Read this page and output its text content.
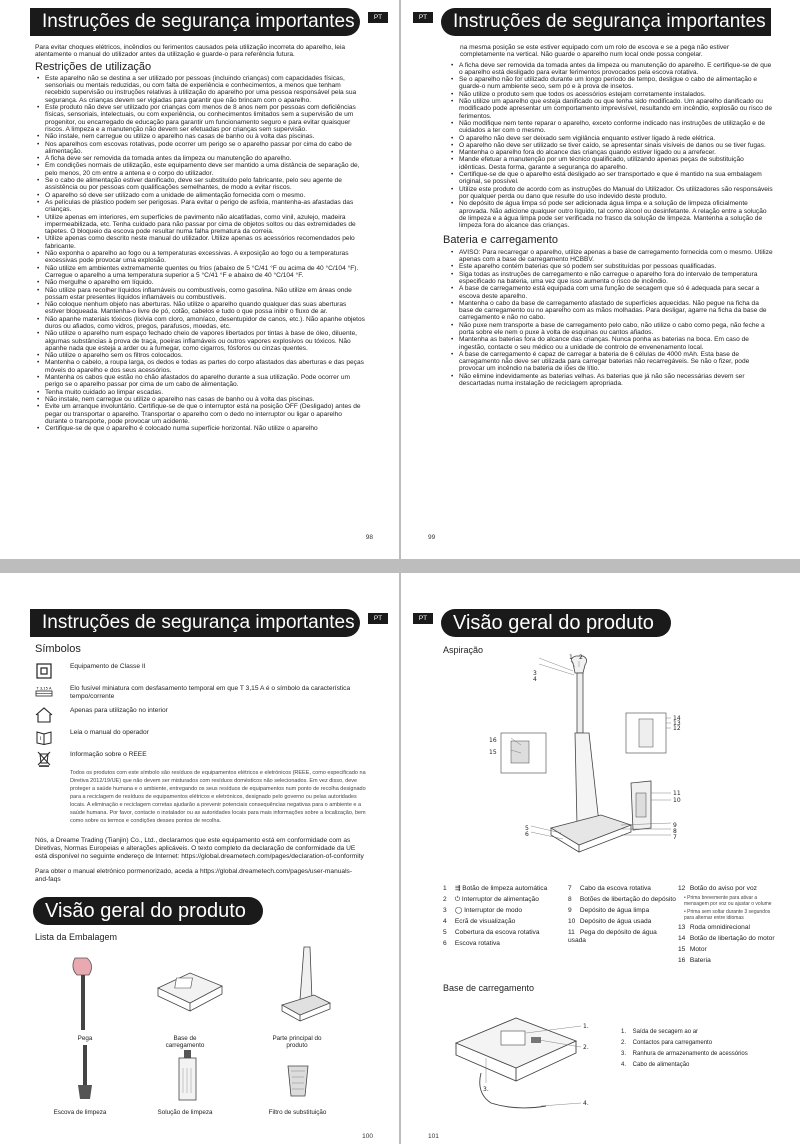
Instruções de segurança importantes	PT

Para evitar choques elétricos, incêndios ou ferimentos causados pela utilização incorreta do aparelho, leia atentamente o manual do utilizador antes da utilização e guarde-o para referência futura.

Restrições de utilização
• Este aparelho não se destina a ser utilizado por pessoas (incluindo crianças) com capacidades físicas, sensoriais ou mentais reduzidas, ou com falta de experiência e conhecimentos, a menos que tenham recebido supervisão ou instruções relativas à utilização do aparelho por uma pessoa responsável pela sua segurança. As crianças devem ser vigiadas para garantir que não brincam com o aparelho.
• Este produto não deve ser utilizado por crianças com menos de 8 anos nem por pessoas com deficiências físicas, sensoriais, intelectuais, ou com experiência, ou conhecimentos limitados sem a supervisão de um progenitor, ou encarregado de educação para garantir um funcionamento seguro e para evitar quaisquer riscos. A limpeza e a manutenção não devem ser efetuadas por crianças sem supervisão.
• Não instale, nem carregue ou utilize o aparelho nas casas de banho ou à volta das piscinas.
• Nos aparelhos com escovas rotativas, pode ocorrer um perigo se o aparelho passar por cima do cabo de alimentação.
• A ficha deve ser removida da tomada antes da limpeza ou manutenção do aparelho.
• Em condições normais de utilização, este equipamento deve ser mantido a uma distância de separação de, pelo menos, 20 cm entre a antena e o corpo do utilizador.
• Se o cabo de alimentação estiver danificado, deve ser substituído pelo fabricante, pelo seu agente de assistência ou por pessoas com qualificações semelhantes, de modo a evitar riscos.
• O aparelho só deve ser utilizado com a unidade de alimentação fornecida com o mesmo.
• As películas de plástico podem ser perigosas. Para evitar o perigo de asfixia, mantenha-as afastadas das crianças.
• Utilize apenas em interiores, em superfícies de pavimento não alcatifadas, como vinil, azulejo, madeira impermeabilizada, etc. Tenha cuidado para não passar por cima de objetos soltos ou das extremidades de tapetes. O bloqueio da escova pode resultar numa falha prematura da correia.
• Utilize apenas como descrito neste manual do utilizador. Utilize apenas os acessórios recomendados pelo fabricante.
• Não exponha o aparelho ao fogo ou a temperaturas excessivas. A exposição ao fogo ou a temperaturas excessivas pode provocar uma explosão.
• Não utilize em ambientes extremamente quentes ou frios (abaixo de 5 °C/41 °F ou acima de 40 °C/104 °F). Carregue o aparelho a uma temperatura superior a 5 °C/41 °F e abaixo de 40 °C/104 °F.
• Não mergulhe o aparelho em líquido.
• Não utilize para recolher líquidos inflamáveis ou combustíveis, como gasolina. Não utilize em áreas onde possam estar presentes líquidos inflamáveis ou combustíveis.
• Não coloque nenhum objeto nas aberturas. Não utilize o aparelho quando qualquer das suas aberturas estiver bloqueada. Mantenha-o livre de pó, cotão, cabelos e tudo o que possa inibir o fluxo de ar.
• Não apanhe materiais tóxicos (lixívia com cloro, amoníaco, desentupidor de canos, etc.). Não apanhe objetos duros ou afiados, como vidros, pregos, parafusos, moedas, etc.
• Não utilize o aparelho num espaço fechado cheio de vapores libertados por tintas à base de óleo, diluente, algumas substâncias à prova de traça, poeiras inflamáveis ou outros vapores explosivos ou tóxicos. Não apanhe nada que esteja a arder ou a fumegar, como cigarros, fósforos ou cinzas quentes.
• Não utilize o aparelho sem os filtros colocados.
• Mantenha o cabelo, a roupa larga, os dedos e todas as partes do corpo afastados das aberturas e das peças móveis do aparelho e dos seus acessórios.
• Mantenha os cabos que estão no chão afastados do aparelho durante a sua utilização. Pode ocorrer um perigo se o aparelho passar por cima de um cabo de alimentação.
• Tenha muito cuidado ao limpar escadas.
• Não instale, nem carregue ou utilize o aparelho nas casas de banho ou à volta das piscinas.
• Evite um arranque involuntário. Certifique-se de que o interruptor está na posição OFF (Desligado) antes de pegar ou transportar o aparelho. Transportar o aparelho com o dedo no interruptor ou ligar o aparelho durante o transporte, pode provocar um acidente.
• Certifique-se de que o aparelho é colocado numa superfície horizontal. Não utilize o aparelho
98
PT	Instruções de segurança importantes

na mesma posição se este estiver equipado com um rolo de escova e se a pega não estiver completamente na vertical. Não guarde o aparelho num local onde possa congelar.

• A ficha deve ser removida da tomada antes da limpeza ou manutenção do aparelho. E certifique-se de que o aparelho está desligado para evitar ferimentos provocados pela escova rotativa.
• Se o aparelho não for utilizado durante um longo período de tempo, desligue o cabo de alimentação e guarde-o num ambiente seco, sem pó e à prova de insetos.
• Não utilize o produto sem que todos os acessórios estejam corretamente instalados.
• Não utilize um aparelho que esteja danificado ou que tenha sido modificado. Um aparelho danificado ou modificado pode apresentar um comportamento imprevisível, resultando em incêndio, explosão ou risco de ferimentos.
• Não modifique nem tente reparar o aparelho, exceto conforme indicado nas instruções de utilização e de cuidados a ter com o mesmo.
• O aparelho não deve ser deixado sem vigilância enquanto estiver ligado à rede elétrica.
• O aparelho não deve ser utilizado se tiver caído, se apresentar sinais visíveis de danos ou se tiver fugas.
• Mantenha o aparelho fora do alcance das crianças quando estiver ligado ou a arrefecer.
• Mande efetuar a manutenção por um técnico qualificado, utilizando apenas peças de substituição idênticas. Desta forma, garante a segurança do aparelho.
• Certifique-se de que o aparelho está desligado ao ser transportado e que é mantido na sua embalagem original, se possível.
• Utilize este produto de acordo com as instruções do Manual do Utilizador. Os utilizadores são responsáveis por qualquer perda ou dano que resulte do uso indevido deste produto.
• No depósito de água limpa só pode ser adicionada água limpa e a solução de limpeza oficialmente aprovada. Não adicione qualquer outro líquido, tal como álcool ou desinfetante. A relação entre a solução de limpeza e a água limpa pode ser verificada no frasco da solução de limpeza. Mantenha a solução de limpeza fora do alcance das crianças.
Bateria e carregamento
• AVISO: Para recarregar o aparelho, utilize apenas a base de carregamento fornecida com o mesmo. Utilize apenas com a base de carregamento HCBBV.
• Este aparelho contém baterias que só podem ser substituídas por pessoas qualificadas.
• Siga todas as instruções de carregamento e não carregue o aparelho fora do intervalo de temperatura especificado na bateria, uma vez que isso aumenta o risco de incêndio.
• A base de carregamento está equipada com uma função de secagem que só é adequada para secar a escova deste aparelho.
• Mantenha o cabo da base de carregamento afastado de superfícies aquecidas. Não pegue na ficha da base de carregamento ou no aparelho com as mãos molhadas. Para desligar, agarre na ficha da base de carregamento e não no cabo.
• Não puxe nem transporte a base de carregamento pelo cabo, não utilize o cabo como pega, não feche a porta sobre ele nem o puxe à volta de esquinas ou cantos afiados.
• Mantenha as baterias fora do alcance das crianças. Nunca ponha as baterias na boca. Em caso de ingestão, contacte o seu médico ou a unidade de controlo de envenenamento local.
• A base de carregamento é capaz de carregar a bateria de 6 células de 4000 mAh. Esta base de carregamento não deve ser utilizada para carregar baterias não recarregáveis. Se não o fizer, pode provocar um incêndio na bateria de iões de lítio.
• Não elimine indevidamente as baterias velhas. As baterias que já não são necessárias devem ser descartadas numa instalação de reciclagem apropriada.
99
Instruções de segurança importantes	PT
Símbolos
Equipamento de Classe II
T 3,15 A	Elo fusível miniatura com desfasamento temporal em que T 3,15 A é o símbolo da característica tempo/corrente
Apenas para utilização no interior
i
Leia o manual do operador
Informação sobre o REEE
Todos os produtos com este símbolo são resíduos de equipamentos elétricos e eletrónicos (REEE, como especificado na Diretiva 2012/19/UE) que não devem ser misturados com resíduos domésticos não selecionados. Em vez disso, deve proteger a saúde humana e o ambiente, entregando os seus resíduos de equipamentos num ponto de recolha designado para a reciclagem de resíduos de equipamentos elétricos e eletrónicos, designado pelo governo ou pelas autoridades locais. A eliminação e reciclagem corretas ajudarão a prevenir potenciais consequências negativas para o ambiente e a saúde humana. Por favor, contacte o instalador ou as autoridades locais para mais informações sobre a localização, bem como sobre os termos e condições desses pontos de recolha.
Nós, a Dreame Trading (Tianjin) Co., Ltd., declaramos que este equipamento está em conformidade com as Diretivas, Normas Europeias e alterações aplicáveis. O texto completo da declaração de conformidade da UE está disponível no seguinte endereço de Internet: https://global.dreametech.com/pages/declaration-of-conformity
Para obter o manual eletrónico pormenorizado, aceda a https://global.dreametech.com/pages/user-manuals-and-faqs
Visão geral do produto
Lista da Embalagem
Pega	Base de carregamento
Parte principal do produto
Escova de limpeza	Solução de limpeza	Filtro de substituição
100
PT	Visão geral do produto
Aspiração
1 2
3
4
5
6	7
8
9
10
11
12
13
14
15
16
1 ⇶ Botão de limpeza automática
2 ⏻ Interruptor de alimentação
3 ◯ Interruptor de modo
4 Ecrã de visualização
5 Cobertura da escova rotativa
6 Escova rotativa
7 Cabo da escova rotativa
8 Botões de libertação do depósito
9 Depósito de água limpa
10 Depósito de água usada
11 Pega do depósito de água usada
12 Botão do aviso por voz
• Prima brevemente para ativar a mensagem por voz ou ajustar o volume
• Prima sem soltar durante 3 segundos para alternar entre idiomas
13 Roda omnidirecional
14 Botão de libertação do motor
15 Motor
16 Bateria
Base de carregamento
1.
2.
3.
4.
1. Saída de secagem ao ar
2. Contactos para carregamento
3. Ranhura de armazenamento de acessórios
4. Cabo de alimentação
101
